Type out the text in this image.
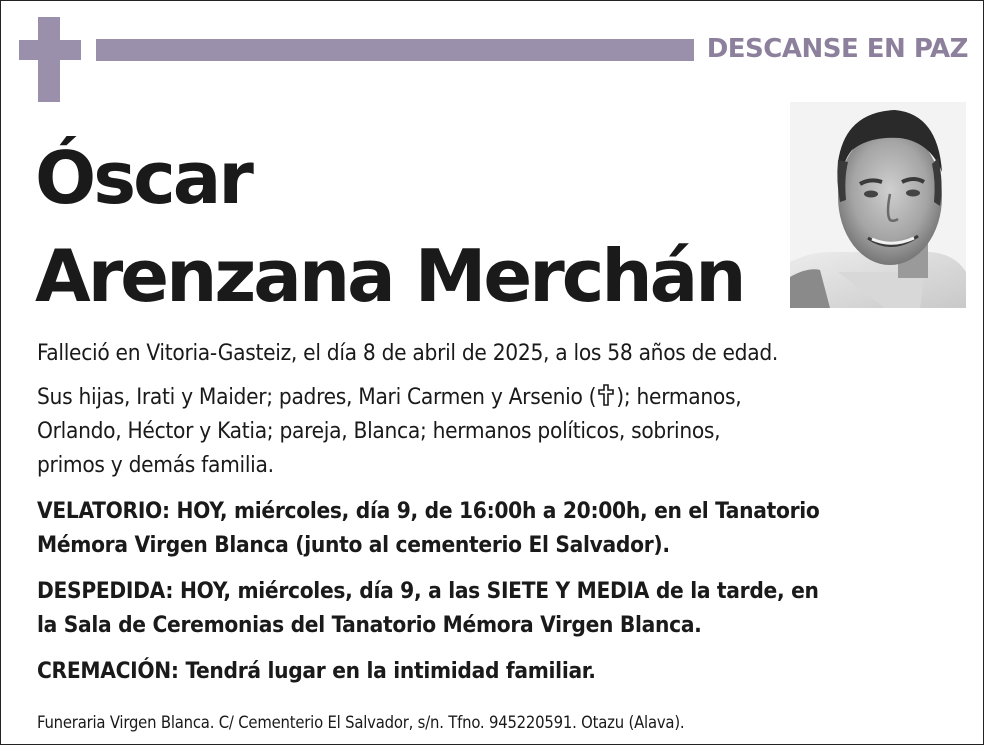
DESCANSE EN PAZ
Óscar
Arenzana Merchán
Falleció en Vitoria-Gasteiz, el día 8 de abril de 2025, a los 58 años de edad.
Sus hijas, Irati y Maider; padres, Mari Carmen y Arsenio ( ); hermanos,
Orlando, Héctor y Katia; pareja, Blanca; hermanos políticos, sobrinos,
primos y demás familia.
VELATORIO: HOY, miércoles, día 9, de 16:00h a 20:00h, en el Tanatorio
Mémora Virgen Blanca (junto al cementerio El Salvador).
DESPEDIDA: HOY, miércoles, día 9, a las SIETE Y MEDIA de la tarde, en
la Sala de Ceremonias del Tanatorio Mémora Virgen Blanca.
CREMACIÓN: Tendrá lugar en la intimidad familiar.
Funeraria Virgen Blanca. C/ Cementerio El Salvador, s/n. Tfno. 945220591. Otazu (Alava).
